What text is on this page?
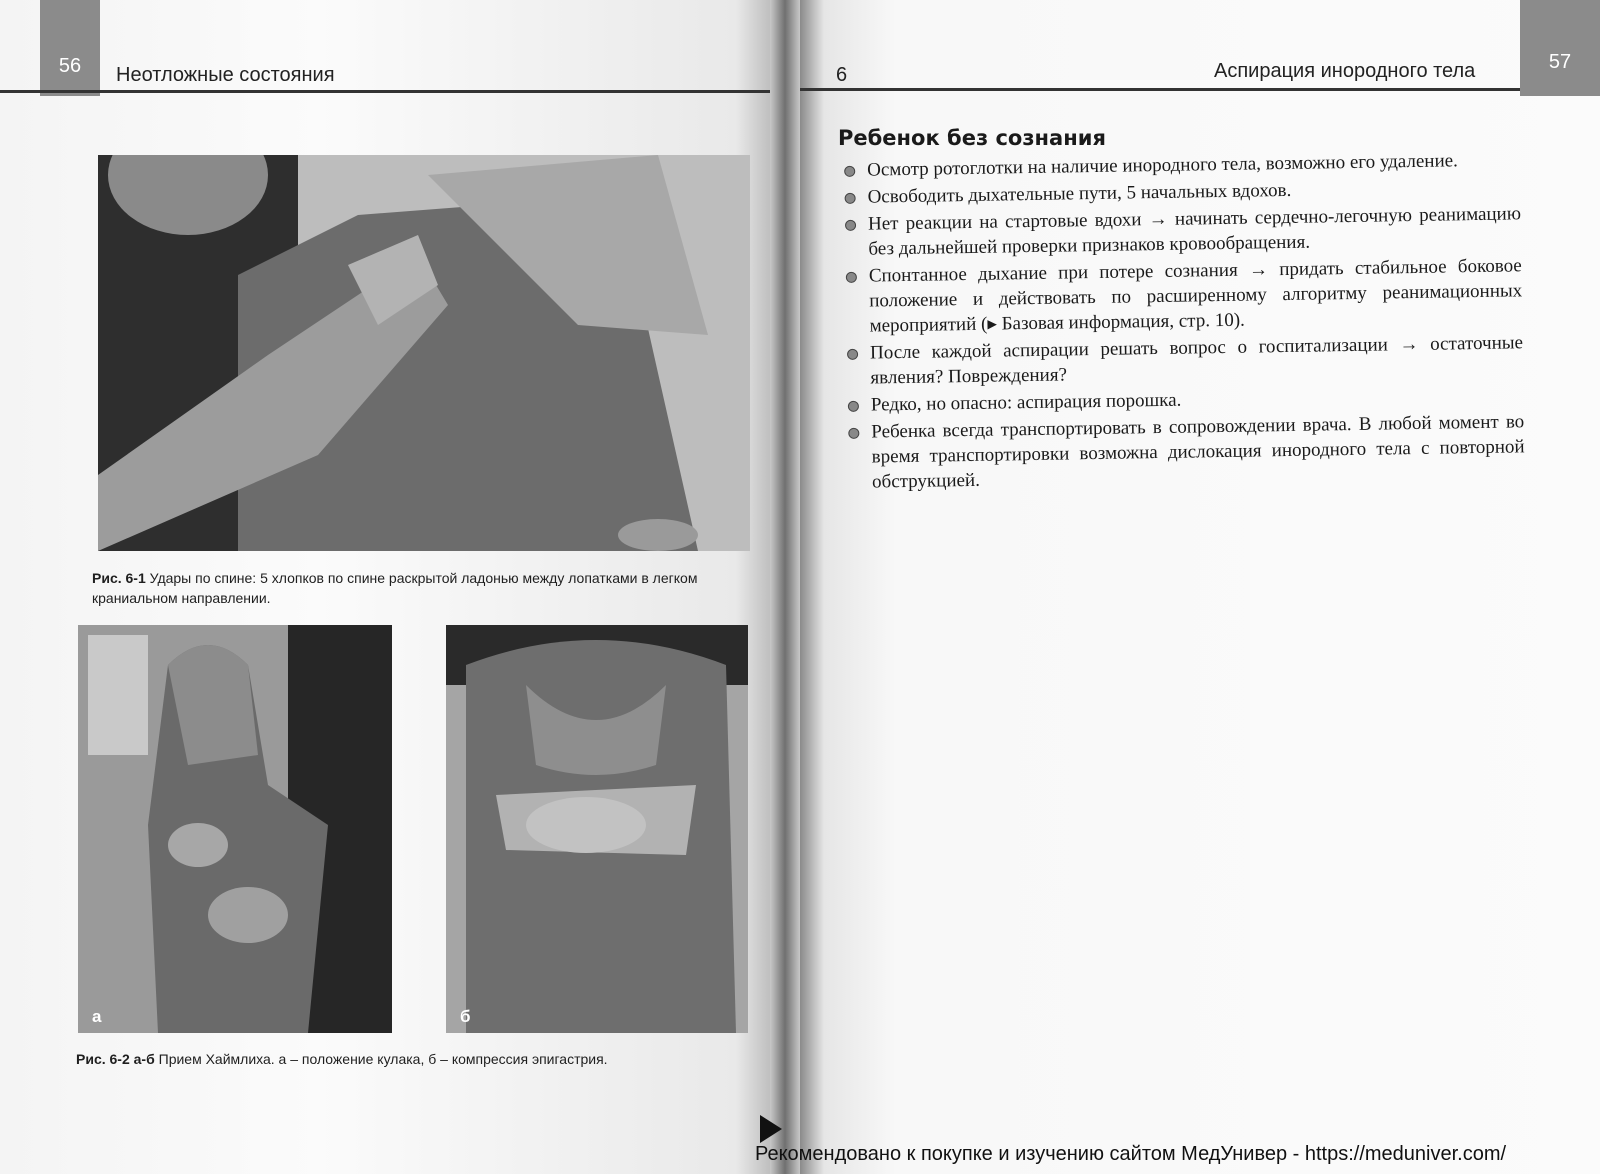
56	Неотложные состояния
Рис. 6-1 Удары по спине: 5 хлопков по спине раскрытой ладонью между лопатками в легком краниальном направлении.
а	б
Рис. 6-2 а-б Прием Хаймлиха. а – положение кулака, б – компрессия эпигастрия.
6	Аспирация инородного тела	57
Ребенок без сознания
Осмотр ротоглотки на наличие инородного тела, возможно его удаление.
Освободить дыхательные пути, 5 начальных вдохов.
Нет реакции на стартовые вдохи → начинать сердечно-легочную реанимацию без дальнейшей проверки признаков кровообращения.
Спонтанное дыхание при потере сознания → придать стабильное боковое положение и действовать по расширенному алгоритму реанимационных мероприятий (▸ Базовая информация, стр. 10).
После каждой аспирации решать вопрос о госпитализации → остаточные явления? Повреждения?
Редко, но опасно: аспирация порошка.
Ребенка всегда транспортировать в сопровождении врача. В любой момент во время транспортировки возможна дислокация инородного тела с повторной обструкцией.
Рекомендовано к покупке и изучению сайтом МедУнивер - https://meduniver.com/
